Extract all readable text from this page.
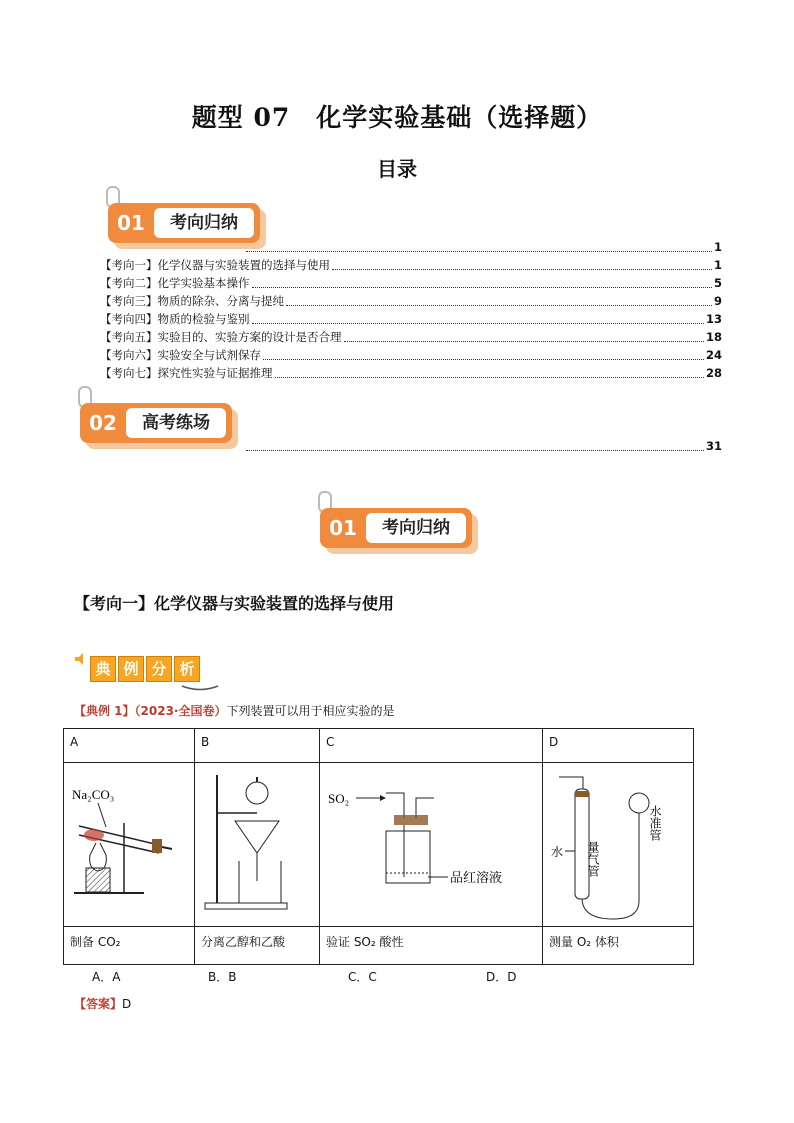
题型 07　化学实验基础（选择题）
目录
01	考向归纳
1
【考向一】化学仪器与实验装置的选择与使用	1
【考向二】化学实验基本操作	5
【考向三】物质的除杂、分离与提纯	9
【考向四】物质的检验与鉴别	13
【考向五】实验目的、实验方案的设计是否合理	18
【考向六】实验安全与试剂保存	24
【考向七】探究性实验与证据推理	28
31
02	高考练场
01	考向归纳
【考向一】化学仪器与实验装置的选择与使用
典 例 分 析
【典例 1】（2023·全国卷）下列装置可以用于相应实验的是
A	B	C	D

Na₂CO₃		SO₂
品红溶液	水 量气管
水准管

制备 CO₂	分离乙醇和乙酸	验证 SO₂ 酸性	测量 O₂ 体积
A．A	B．B	C．C	D．D
【答案】D
